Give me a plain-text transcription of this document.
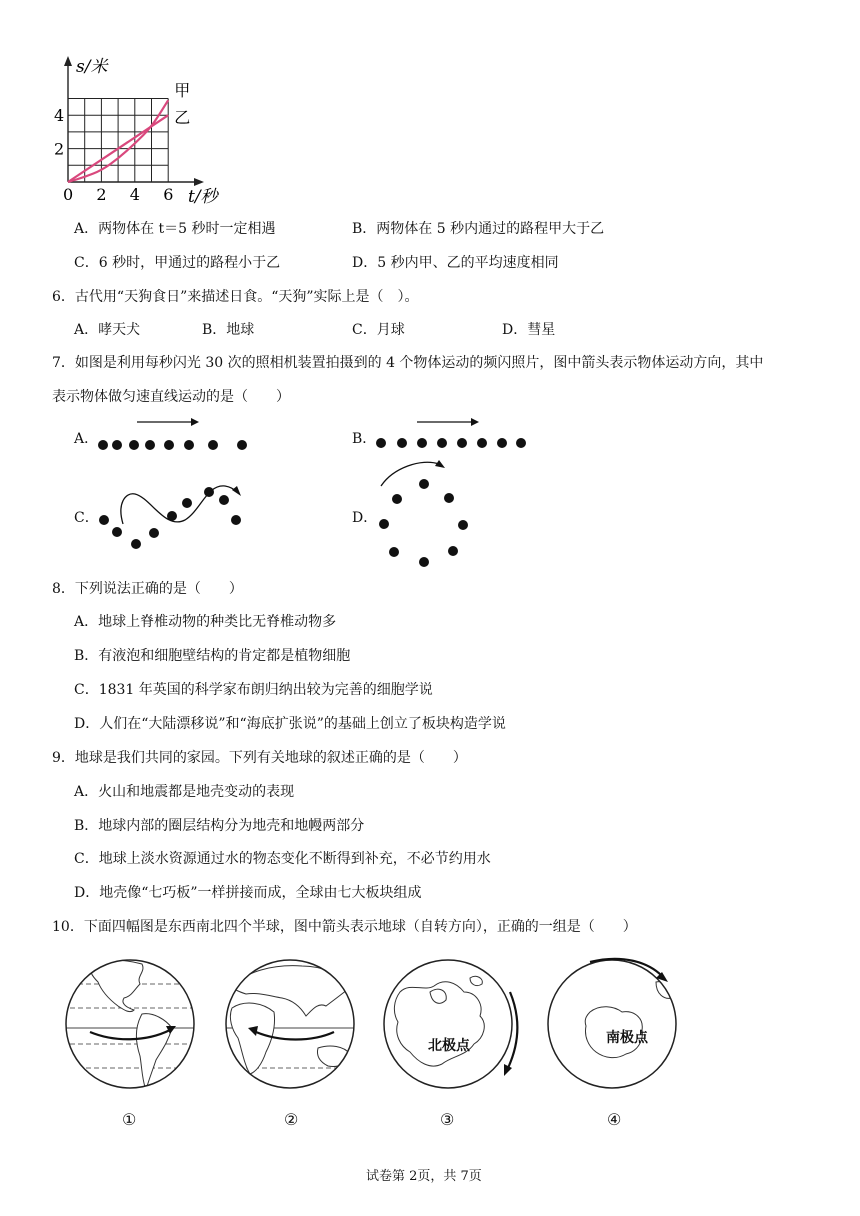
s/米
t/秒
4
2
0 2 4 6
甲
乙
A．两物体在 t＝5 秒时一定相遇	B．两物体在 5 秒内通过的路程甲大于乙
C．6 秒时，甲通过的路程小于乙	D．5 秒内甲、乙的平均速度相同
6．古代用“天狗食日”来描述日食。“天狗”实际上是（　）。
A．哮天犬	B．地球	C．月球	D．彗星
7．如图是利用每秒闪光 30 次的照相机装置拍摄到的 4 个物体运动的频闪照片，图中箭头表示物体运动方向，其中
表示物体做匀速直线运动的是（　　）
A．	B．
C．	D．
8．下列说法正确的是（　　）
A．地球上脊椎动物的种类比无脊椎动物多
B．有液泡和细胞壁结构的肯定都是植物细胞
C．1831 年英国的科学家布朗归纳出较为完善的细胞学说
D．人们在“大陆漂移说”和“海底扩张说”的基础上创立了板块构造学说
9．地球是我们共同的家园。下列有关地球的叙述正确的是（　　）
A．火山和地震都是地壳变动的表现
B．地球内部的圈层结构分为地壳和地幔两部分
C．地球上淡水资源通过水的物态变化不断得到补充，不必节约用水
D．地壳像“七巧板”一样拼接而成，全球由七大板块组成
10．下面四幅图是东西南北四个半球，图中箭头表示地球（自转方向），正确的一组是（　　）
北极点	南极点
①	②	③	④
试卷第 2页，共 7页
